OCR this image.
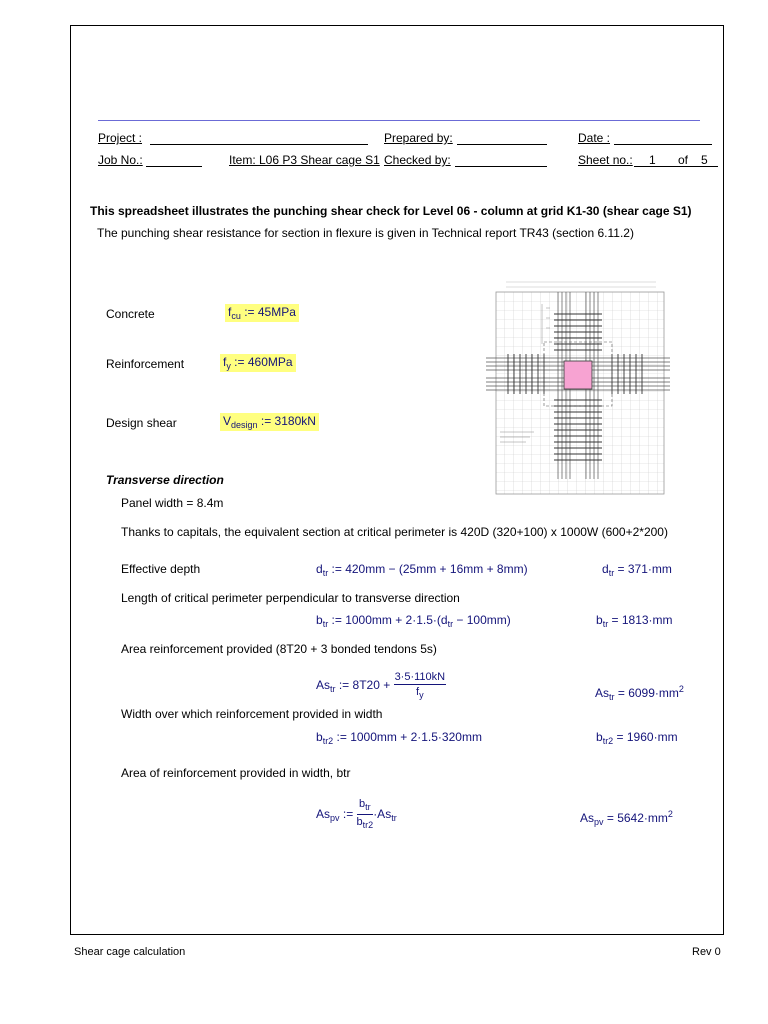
Project :	Prepared by:	Date :
Job No.:	Item: L06 P3 Shear cage S1 Checked by:	Sheet no.: 1 of 5
This spreadsheet illustrates the punching shear check for Level 06 - column at grid K1-30 (shear cage S1)
The punching shear resistance for section in flexure is given in Technical report TR43 (section 6.11.2)
Concrete	$f_{cu}$ := 45MPa
Reinforcement	$f_y$ := 460MPa
Design shear	$V_{design}$ := 3180kN
Transverse direction
Panel width = 8.4m
Thanks to capitals, the equivalent section at critical perimeter is 420D (320+100) x 1000W (600+2*200)
Effective depth	$d_{tr}$ := 420mm − (25mm + 16mm + 8mm)	$d_{tr} = 371\cdot mm$
Length of critical perimeter perpendicular to transverse direction
$b_{tr}$ := $1000mm + 2\cdot 1.5\cdot(d_{tr} - 100mm)$	$b_{tr} = 1813\cdot mm$
Area reinforcement provided (8T20 + 3 bonded tendons 5s)
$As_{tr}$ := $8T20 + \frac{3\cdot 5\cdot 110kN}{f_y}$	$As_{tr} = 6099\cdot mm^2$
Width over which reinforcement provided in width
$b_{tr2}$ := 1000mm + 2·1.5·320mm	$b_{tr2} = 1960\cdot mm$
Area of reinforcement provided in width, btr
$As_{pv}$ := $\frac{b_{tr}}{b_{tr2}} \cdot As_{tr}$	$As_{pv} = 5642\cdot mm^2$
Shear cage calculation	Rev 0
